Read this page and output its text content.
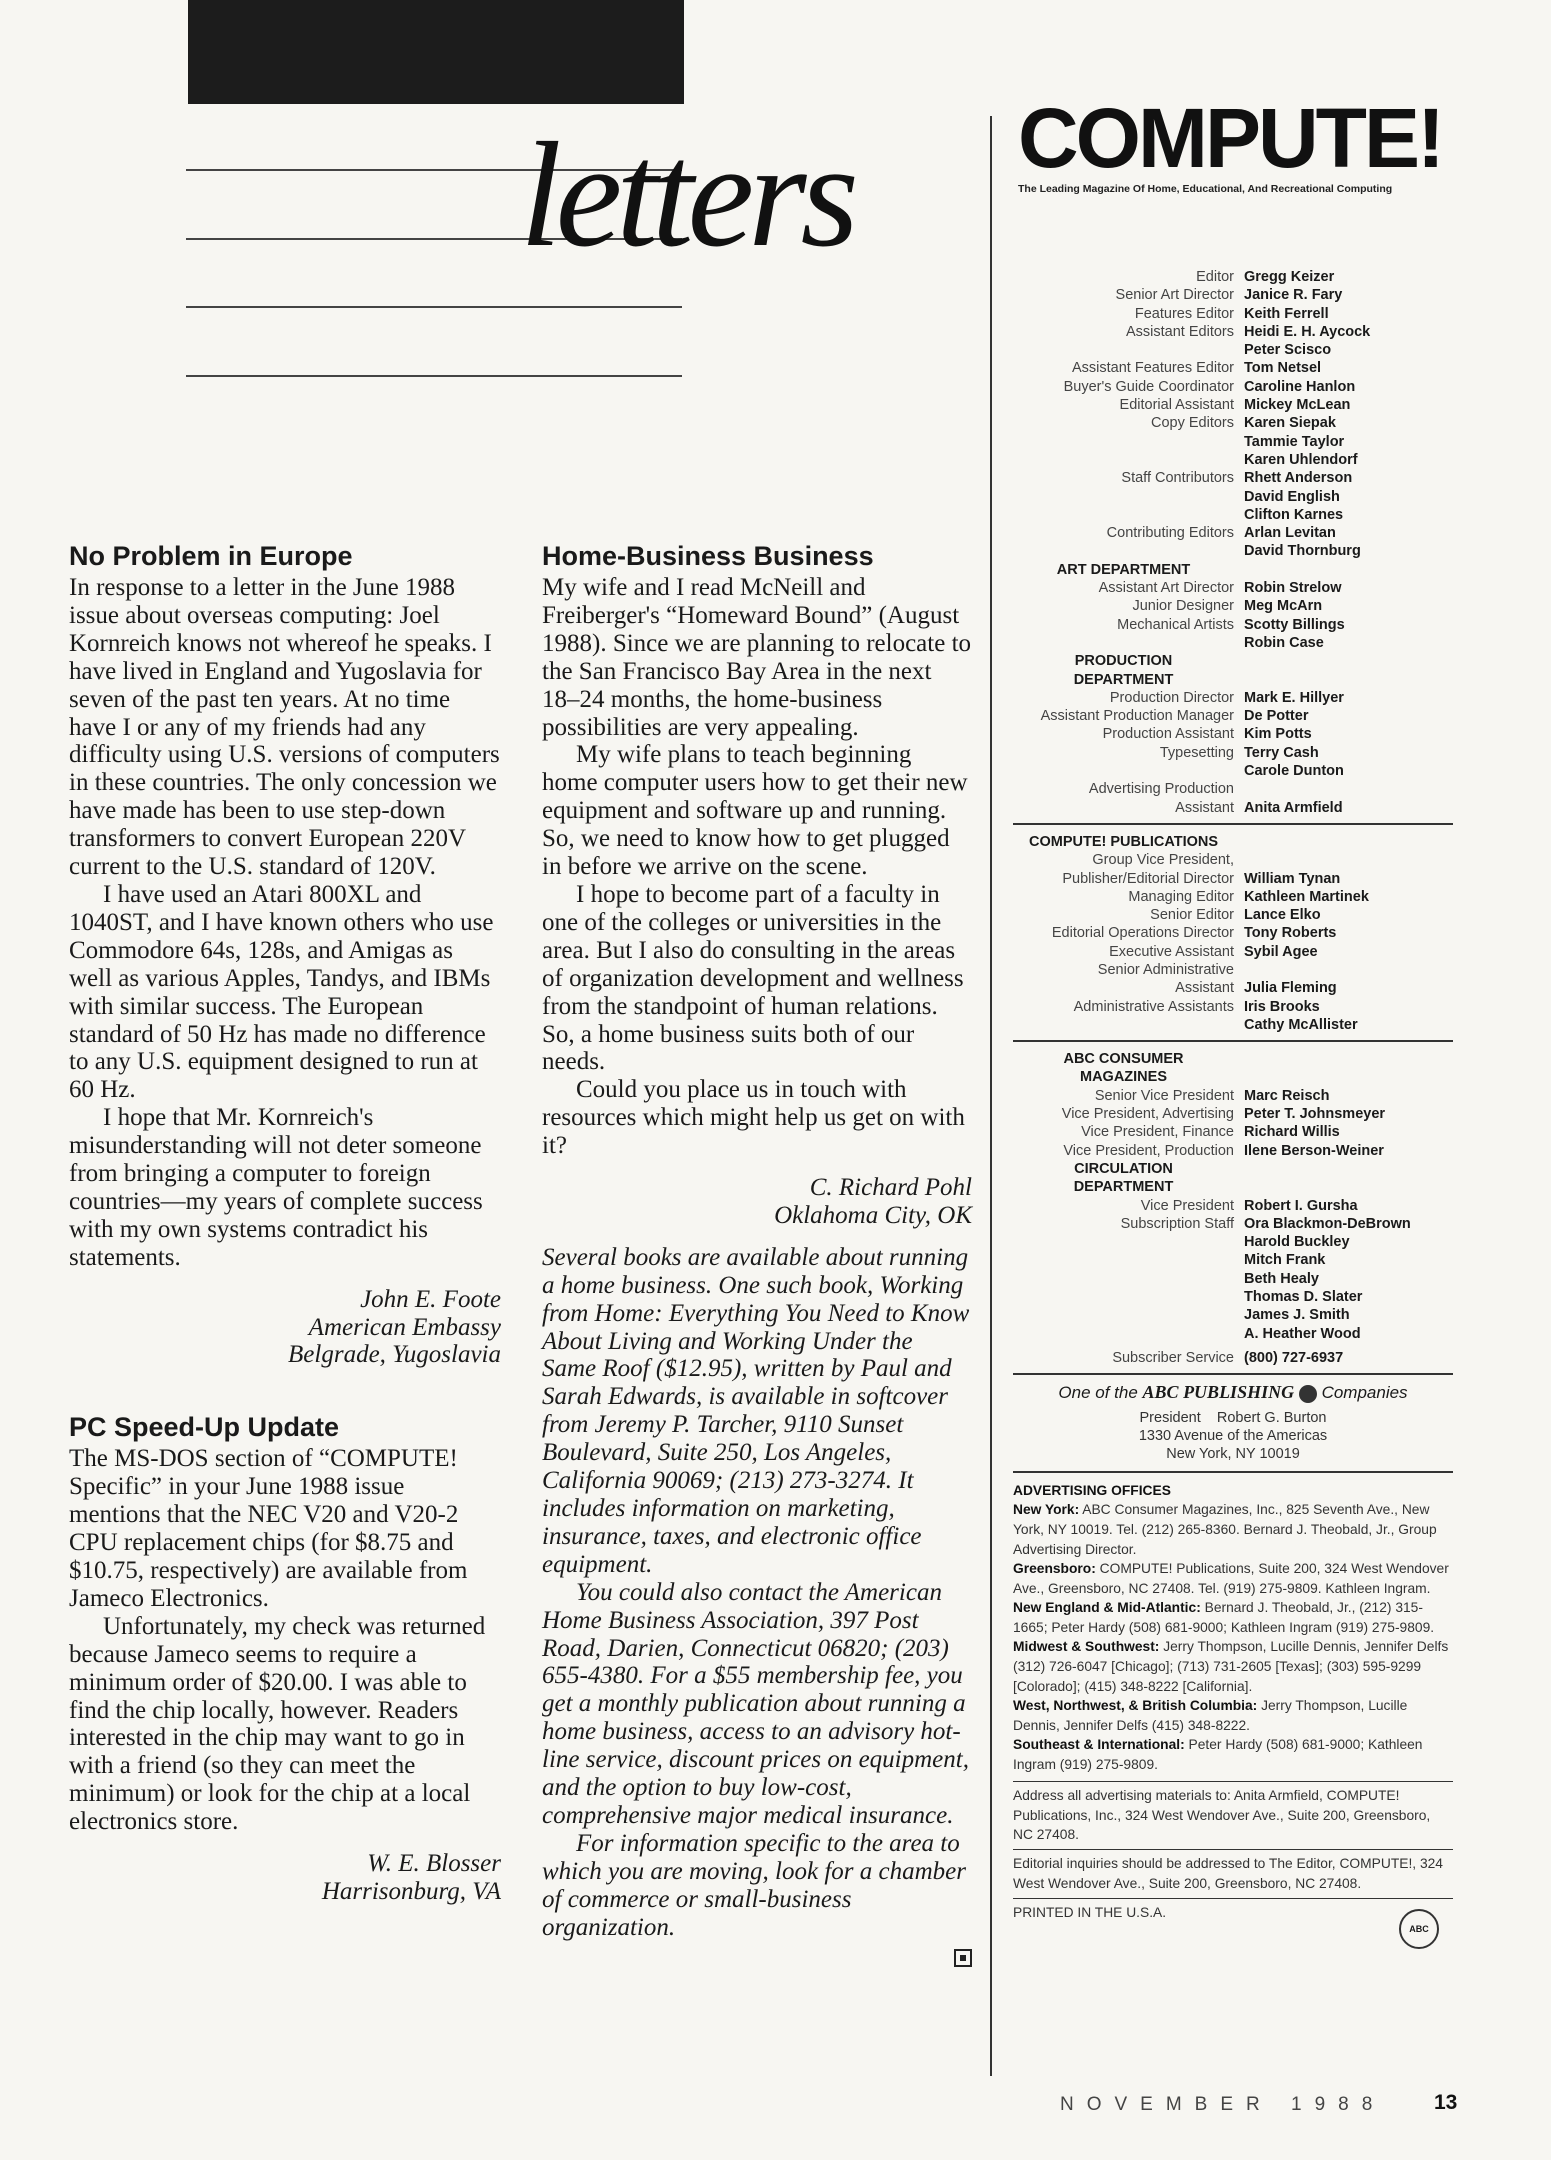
letters
No Problem in Europe

In response to a letter in the June 1988 issue about overseas computing: Joel Kornreich knows not whereof he speaks. I have lived in England and Yugoslavia for seven of the past ten years. At no time have I or any of my friends had any difficulty using U.S. versions of computers in these countries. The only concession we have made has been to use step-down transformers to convert European 220V current to the U.S. standard of 120V.

I have used an Atari 800XL and 1040ST, and I have known others who use Commodore 64s, 128s, and Amigas as well as various Apples, Tandys, and IBMs with similar success. The European standard of 50 Hz has made no difference to any U.S. equipment designed to run at 60 Hz.

I hope that Mr. Kornreich's misunderstanding will not deter someone from bringing a computer to foreign countries—my years of complete success with my own systems contradict his statements.

John E. Foote
American Embassy
Belgrade, Yugoslavia
PC Speed-Up Update

The MS-DOS section of “COMPUTE! Specific” in your June 1988 issue mentions that the NEC V20 and V20-2 CPU replacement chips (for $8.75 and $10.75, respectively) are available from Jameco Electronics.

Unfortunately, my check was returned because Jameco seems to require a minimum order of $20.00. I was able to find the chip locally, however. Readers interested in the chip may want to go in with a friend (so they can meet the minimum) or look for the chip at a local electronics store.

W. E. Blosser
Harrisonburg, VA
Home-Business Business

My wife and I read McNeill and Freiberger's “Homeward Bound” (August 1988). Since we are planning to relocate to the San Francisco Bay Area in the next 18–24 months, the home-business possibilities are very appealing.

My wife plans to teach beginning home computer users how to get their new equipment and software up and running. So, we need to know how to get plugged in before we arrive on the scene.

I hope to become part of a faculty in one of the colleges or universities in the area. But I also do consulting in the areas of organization development and wellness from the standpoint of human relations. So, a home business suits both of our needs.

Could you place us in touch with resources which might help us get on with it?

C. Richard Pohl
Oklahoma City, OK

Several books are available about running a home business. One such book, Working from Home: Everything You Need to Know About Living and Working Under the Same Roof ($12.95), written by Paul and Sarah Edwards, is available in softcover from Jeremy P. Tarcher, 9110 Sunset Boulevard, Suite 250, Los Angeles, California 90069; (213) 273-3274. It includes information on marketing, insurance, taxes, and electronic office equipment.

You could also contact the American Home Business Association, 397 Post Road, Darien, Connecticut 06820; (203) 655-4380. For a $55 membership fee, you get a monthly publication about running a home business, access to an advisory hot-line service, discount prices on equipment, and the option to buy low-cost, comprehensive major medical insurance.

For information specific to the area to which you are moving, look for a chamber of commerce or small-business organization.

COMPUTE!
The Leading Magazine Of Home, Educational, And Recreational Computing
Editor Gregg Keizer
Senior Art Director Janice R. Fary
Features Editor Keith Ferrell
Assistant Editors Heidi E. H. Aycock
Peter Scisco
Assistant Features Editor Tom Netsel
Buyer's Guide Coordinator Caroline Hanlon
Editorial Assistant Mickey McLean
Copy Editors Karen Siepak
Tammie Taylor
Karen Uhlendorf
Staff Contributors Rhett Anderson
David English
Clifton Karnes
Contributing Editors Arlan Levitan
David Thornburg
ART DEPARTMENT
Assistant Art Director Robin Strelow
Junior Designer Meg McArn
Mechanical Artists Scotty Billings
Robin Case
PRODUCTION
DEPARTMENT
Production Director Mark E. Hillyer
Assistant Production Manager De Potter
Production Assistant Kim Potts
Typesetting Terry Cash
Carole Dunton
Advertising Production
Assistant Anita Armfield
COMPUTE! PUBLICATIONS
Group Vice President,
Publisher/Editorial Director William Tynan
Managing Editor Kathleen Martinek
Senior Editor Lance Elko
Editorial Operations Director Tony Roberts
Executive Assistant Sybil Agee
Senior Administrative
Assistant Julia Fleming
Administrative Assistants Iris Brooks
Cathy McAllister
ABC CONSUMER
MAGAZINES
Senior Vice President Marc Reisch
Vice President, Advertising Peter T. Johnsmeyer
Vice President, Finance Richard Willis
Vice President, Production Ilene Berson-Weiner
CIRCULATION
DEPARTMENT
Vice President Robert I. Gursha
Subscription Staff Ora Blackmon-DeBrown
Harold Buckley
Mitch Frank
Beth Healy
Thomas D. Slater
James J. Smith
A. Heather Wood
Subscriber Service (800) 727-6937
One of the ABC PUBLISHING Companies
President    Robert G. Burton
1330 Avenue of the Americas
New York, NY 10019
ADVERTISING OFFICES
New York: ABC Consumer Magazines, Inc., 825 Seventh Ave., New York, NY 10019. Tel. (212) 265-8360. Bernard J. Theobald, Jr., Group Advertising Director.
Greensboro: COMPUTE! Publications, Suite 200, 324 West Wendover Ave., Greensboro, NC 27408. Tel. (919) 275-9809. Kathleen Ingram.
New England & Mid-Atlantic: Bernard J. Theobald, Jr., (212) 315-1665; Peter Hardy (508) 681-9000; Kathleen Ingram (919) 275-9809.
Midwest & Southwest: Jerry Thompson, Lucille Dennis, Jennifer Delfs (312) 726-6047 [Chicago]; (713) 731-2605 [Texas]; (303) 595-9299 [Colorado]; (415) 348-8222 [California].
West, Northwest, & British Columbia: Jerry Thompson, Lucille Dennis, Jennifer Delfs (415) 348-8222.
Southeast & International: Peter Hardy (508) 681-9000; Kathleen Ingram (919) 275-9809.
Address all advertising materials to: Anita Armfield, COMPUTE! Publications, Inc., 324 West Wendover Ave., Suite 200, Greensboro, NC 27408.
Editorial inquiries should be addressed to The Editor, COMPUTE!, 324 West Wendover Ave., Suite 200, Greensboro, NC 27408.
PRINTED IN THE U.S.A.
ABC
NOVEMBER 1988 13
